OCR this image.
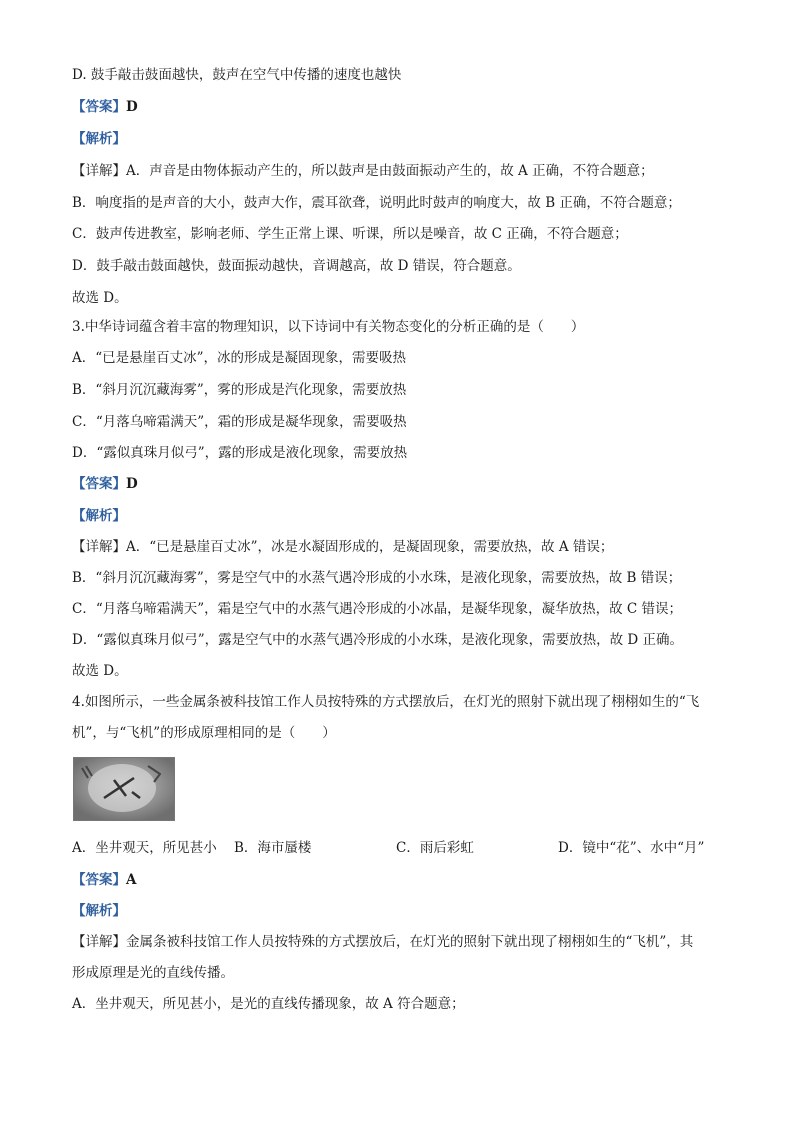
D. 鼓手敲击鼓面越快，鼓声在空气中传播的速度也越快
【答案】D
【解析】
【详解】A．声音是由物体振动产生的，所以鼓声是由鼓面振动产生的，故 A 正确，不符合题意；
B．响度指的是声音的大小，鼓声大作，震耳欲聋，说明此时鼓声的响度大，故 B 正确，不符合题意；
C．鼓声传进教室，影响老师、学生正常上课、听课，所以是噪音，故 C 正确，不符合题意；
D．鼓手敲击鼓面越快，鼓面振动越快，音调越高，故 D 错误，符合题意。
故选 D。
3.中华诗词蕴含着丰富的物理知识，以下诗词中有关物态变化的分析正确的是（　　）
A．“已是悬崖百丈冰”，冰的形成是凝固现象，需要吸热
B．“斜月沉沉藏海雾”，雾的形成是汽化现象，需要放热
C．“月落乌啼霜满天”，霜的形成是凝华现象，需要吸热
D．“露似真珠月似弓”，露的形成是液化现象，需要放热
【答案】D
【解析】
【详解】A．“已是悬崖百丈冰”，冰是水凝固形成的，是凝固现象，需要放热，故 A 错误；
B．“斜月沉沉藏海雾”，雾是空气中的水蒸气遇冷形成的小水珠，是液化现象，需要放热，故 B 错误；
C．“月落乌啼霜满天”，霜是空气中的水蒸气遇冷形成的小冰晶，是凝华现象，凝华放热，故 C 错误；
D．“露似真珠月似弓”，露是空气中的水蒸气遇冷形成的小水珠，是液化现象，需要放热，故 D 正确。
故选 D。
4.如图所示，一些金属条被科技馆工作人员按特殊的方式摆放后，在灯光的照射下就出现了栩栩如生的“飞
机”，与“飞机”的形成原理相同的是（　　）
A．坐井观天，所见甚小 B．海市蜃楼	C．雨后彩虹	D．镜中“花”、水中“月”
【答案】A
【解析】
【详解】金属条被科技馆工作人员按特殊的方式摆放后，在灯光的照射下就出现了栩栩如生的“飞机”，其
形成原理是光的直线传播。
A．坐井观天，所见甚小，是光的直线传播现象，故 A 符合题意；
